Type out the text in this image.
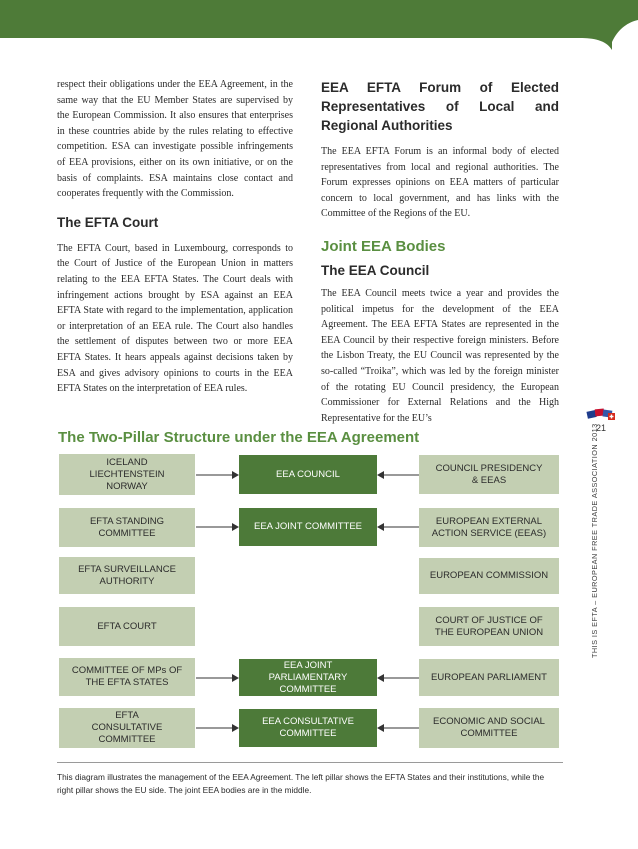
respect their obligations under the EEA Agreement, in the same way that the EU Member States are supervised by the European Commission. It also ensures that enterprises in these countries abide by the rules relating to effective competition. ESA can investigate possible infringements of EEA provisions, either on its own initiative, or on the basis of complaints. ESA maintains close contact and cooperates frequently with the Commission.

The EFTA Court

The EFTA Court, based in Luxembourg, corresponds to the Court of Justice of the European Union in matters relating to the EEA EFTA States. The Court deals with infringement actions brought by ESA against an EEA EFTA State with regard to the implementation, application or interpretation of an EEA rule. The Court also handles the settlement of disputes between two or more EEA EFTA States. It hears appeals against decisions taken by ESA and gives advisory opinions to courts in the EEA EFTA States on the interpretation of EEA rules.

EEA EFTA Forum of Elected Representatives of Local and Regional Authorities

The EEA EFTA Forum is an informal body of elected representatives from local and regional authorities. The Forum expresses opinions on EEA matters of particular concern to local government, and has links with the Committee of the Regions of the EU.

Joint EEA Bodies
The EEA Council

The EEA Council meets twice a year and provides the political impetus for the development of the EEA Agreement. The EEA EFTA States are represented in the EEA Council by their respective foreign ministers. Before the Lisbon Treaty, the EU Council was represented by the so-called “Troika”, which was led by the foreign minister of the rotating EU Council presidency, the European Commissioner for External Relations and the High Representative for the EU’s

21
THIS IS EFTA – EUROPEAN FREE TRADE ASSOCIATION 2013
The Two-Pillar Structure under the EEA Agreement
ICELAND
LIECHTENSTEIN
NORWAY
EEA COUNCIL
COUNCIL PRESIDENCY
& EEAS
EFTA STANDING
COMMITTEE
EEA JOINT COMMITTEE	EUROPEAN EXTERNAL
ACTION SERVICE (EEAS)
EFTA SURVEILLANCE
AUTHORITY	EUROPEAN COMMISSION
EFTA COURT
COURT OF JUSTICE OF
THE EUROPEAN UNION
COMMITTEE OF MPs OF
THE EFTA STATES
EEA JOINT
PARLIAMENTARY COMMITTEE
EUROPEAN PARLIAMENT
EFTA
CONSULTATIVE COMMITTEE
EEA CONSULTATIVE
COMMITTEE
ECONOMIC AND SOCIAL
COMMITTEE

This diagram illustrates the management of the EEA Agreement. The left pillar shows the EFTA States and their institutions, while the right pillar shows the EU side. The joint EEA bodies are in the middle.
